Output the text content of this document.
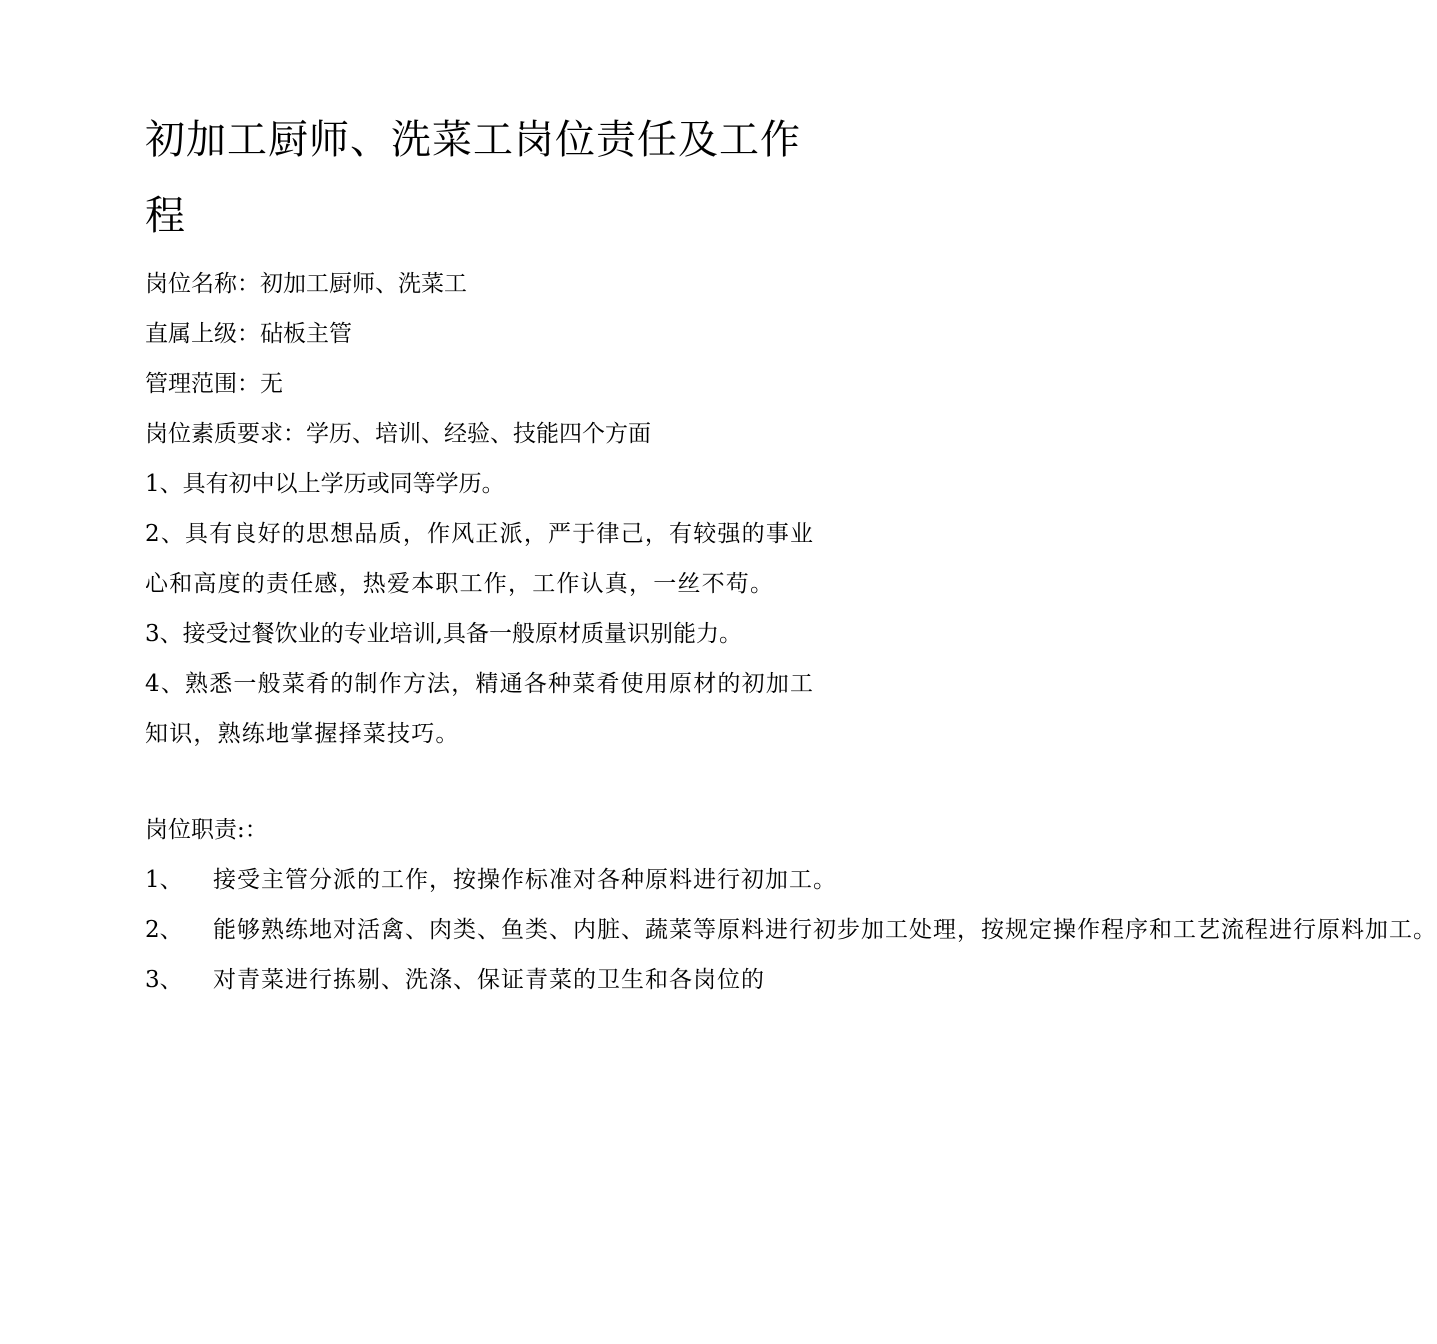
初加工厨师、洗菜工岗位责任及工作程
岗位名称：初加工厨师、洗菜工
直属上级：砧板主管
管理范围：无
岗位素质要求：学历、培训、经验、技能四个方面
1、具有初中以上学历或同等学历。
2、具有良好的思想品质，作风正派，严于律己，有较强的事业心和高度的责任感，热爱本职工作，工作认真，一丝不苟。
3、接受过餐饮业的专业培训,具备一般原材质量识别能力。
4、熟悉一般菜肴的制作方法，精通各种菜肴使用原材的初加工知识，熟练地掌握择菜技巧。
岗位职责:：
1、	接受主管分派的工作，按操作标准对各种原料进行初加工。
2、	能够熟练地对活禽、肉类、鱼类、内脏、蔬菜等原料进行初步加工处理，按规定操作程序和工艺流程进行原料加工。
3、	对青菜进行拣剔、洗涤、保证青菜的卫生和各岗位的
